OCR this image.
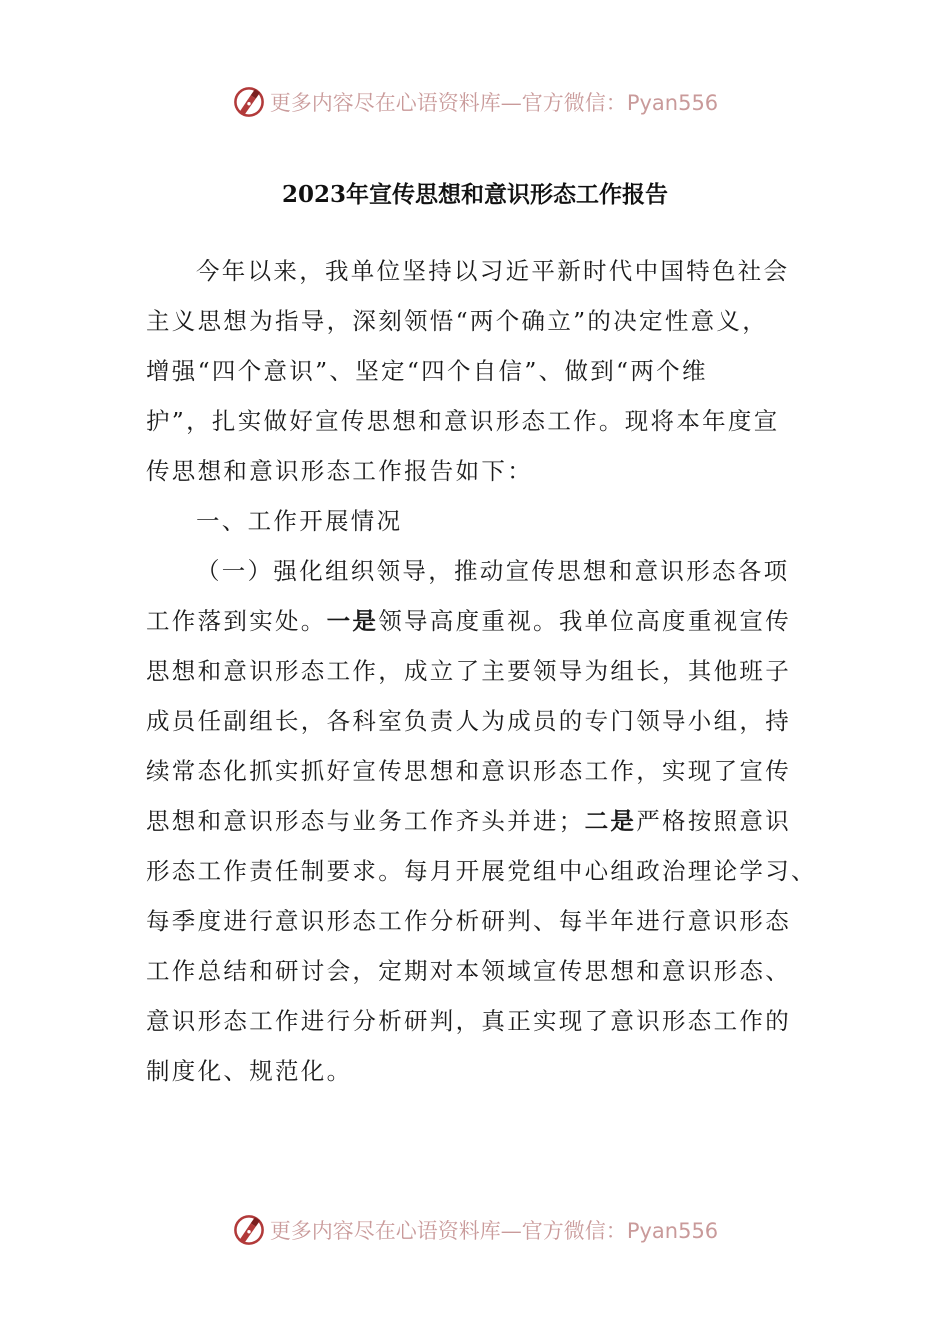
更多内容尽在心语资料库—官方微信：Pyan556
2023年宣传思想和意识形态工作报告
今年以来，我单位坚持以习近平新时代中国特色社会
主义思想为指导，深刻领悟“两个确立”的决定性意义，
增强“四个意识”、坚定“四个自信”、做到“两个维
护”，扎实做好宣传思想和意识形态工作。现将本年度宣
传思想和意识形态工作报告如下：
一、工作开展情况
（一）强化组织领导，推动宣传思想和意识形态各项
工作落到实处。一是领导高度重视。我单位高度重视宣传
思想和意识形态工作，成立了主要领导为组长，其他班子
成员任副组长，各科室负责人为成员的专门领导小组，持
续常态化抓实抓好宣传思想和意识形态工作，实现了宣传
思想和意识形态与业务工作齐头并进；二是严格按照意识
形态工作责任制要求。每月开展党组中心组政治理论学习、
每季度进行意识形态工作分析研判、每半年进行意识形态
工作总结和研讨会，定期对本领域宣传思想和意识形态、
意识形态工作进行分析研判，真正实现了意识形态工作的
制度化、规范化。
更多内容尽在心语资料库—官方微信：Pyan556
